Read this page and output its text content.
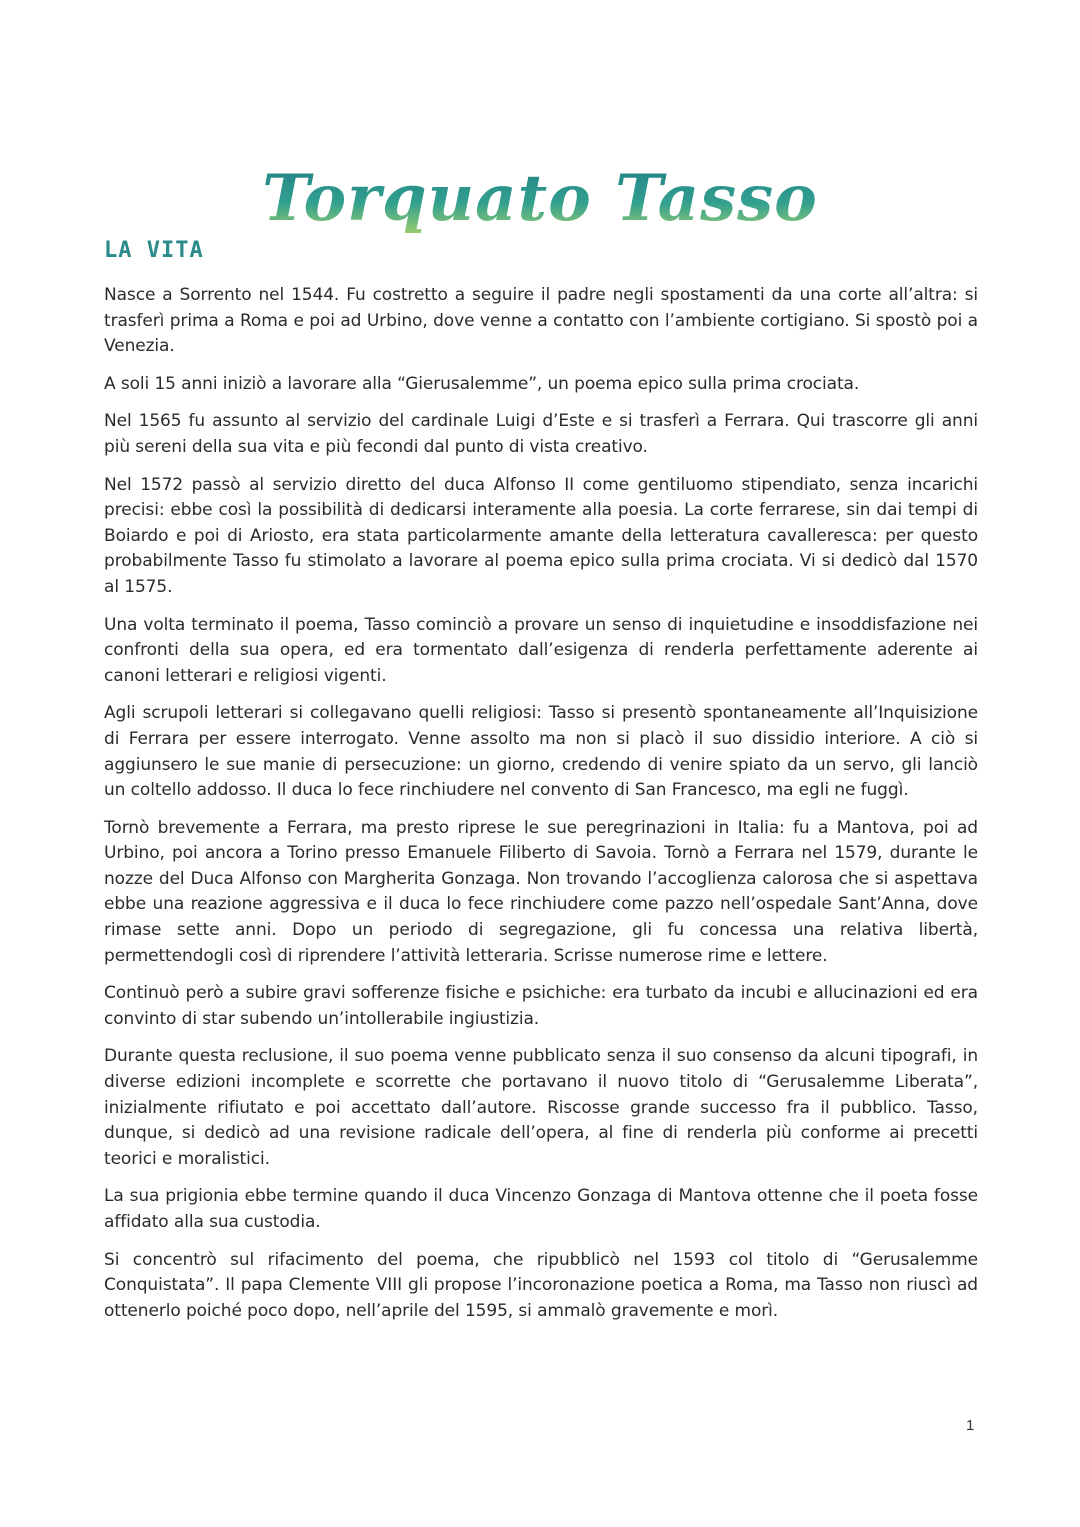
Torquato Tasso
LA VITA

Nasce a Sorrento nel 1544. Fu costretto a seguire il padre negli spostamenti da una corte all’altra: si trasferì prima a Roma e poi ad Urbino, dove venne a contatto con l’ambiente cortigiano. Si spostò poi a Venezia.

A soli 15 anni iniziò a lavorare alla “Gierusalemme”, un poema epico sulla prima crociata.

Nel 1565 fu assunto al servizio del cardinale Luigi d’Este e si trasferì a Ferrara. Qui trascorre gli anni più sereni della sua vita e più fecondi dal punto di vista creativo.

Nel 1572 passò al servizio diretto del duca Alfonso II come gentiluomo stipendiato, senza incarichi precisi: ebbe così la possibilità di dedicarsi interamente alla poesia. La corte ferrarese, sin dai tempi di Boiardo e poi di Ariosto, era stata particolarmente amante della letteratura cavalleresca: per questo probabilmente Tasso fu stimolato a lavorare al poema epico sulla prima crociata. Vi si dedicò dal 1570 al 1575.

Una volta terminato il poema, Tasso cominciò a provare un senso di inquietudine e insoddisfazione nei confronti della sua opera, ed era tormentato dall’esigenza di renderla perfettamente aderente ai canoni letterari e religiosi vigenti.

Agli scrupoli letterari si collegavano quelli religiosi: Tasso si presentò spontaneamente all’Inquisizione di Ferrara per essere interrogato. Venne assolto ma non si placò il suo dissidio interiore. A ciò si aggiunsero le sue manie di persecuzione: un giorno, credendo di venire spiato da un servo, gli lanciò un coltello addosso. Il duca lo fece rinchiudere nel convento di San Francesco, ma egli ne fuggì.

Tornò brevemente a Ferrara, ma presto riprese le sue peregrinazioni in Italia: fu a Mantova, poi ad Urbino, poi ancora a Torino presso Emanuele Filiberto di Savoia. Tornò a Ferrara nel 1579, durante le nozze del Duca Alfonso con Margherita Gonzaga. Non trovando l’accoglienza calorosa che si aspettava ebbe una reazione aggressiva e il duca lo fece rinchiudere come pazzo nell’ospedale Sant’Anna, dove rimase sette anni. Dopo un periodo di segregazione, gli fu concessa una relativa libertà, permettendogli così di riprendere l’attività letteraria. Scrisse numerose rime e lettere.

Continuò però a subire gravi sofferenze fisiche e psichiche: era turbato da incubi e allucinazioni ed era convinto di star subendo un’intollerabile ingiustizia.

Durante questa reclusione, il suo poema venne pubblicato senza il suo consenso da alcuni tipografi, in diverse edizioni incomplete e scorrette che portavano il nuovo titolo di “Gerusalemme Liberata”, inizialmente rifiutato e poi accettato dall’autore. Riscosse grande successo fra il pubblico. Tasso, dunque, si dedicò ad una revisione radicale dell’opera, al fine di renderla più conforme ai precetti teorici e moralistici.

La sua prigionia ebbe termine quando il duca Vincenzo Gonzaga di Mantova ottenne che il poeta fosse affidato alla sua custodia.

Si concentrò sul rifacimento del poema, che ripubblicò nel 1593 col titolo di “Gerusalemme Conquistata”. Il papa Clemente VIII gli propose l’incoronazione poetica a Roma, ma Tasso non riuscì ad ottenerlo poiché poco dopo, nell’aprile del 1595, si ammalò gravemente e morì.

1
